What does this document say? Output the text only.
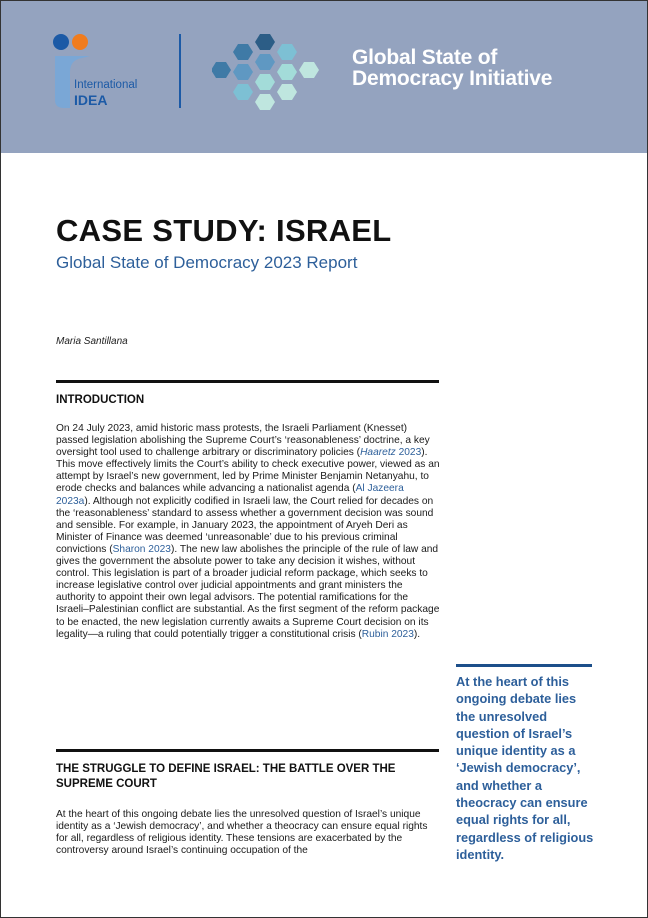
International
IDEA
Global State of
Democracy Initiative
CASE STUDY: ISRAEL
Global State of Democracy 2023 Report
Maria Santillana
INTRODUCTION

On 24 July 2023, amid historic mass protests, the Israeli Parliament (Knesset) passed legislation abolishing the Supreme Court’s ‘reasonableness’ doctrine, a key oversight tool used to challenge arbitrary or discriminatory policies (Haaretz 2023). This move effectively limits the Court’s ability to check executive power, viewed as an attempt by Israel’s new government, led by Prime Minister Benjamin Netanyahu, to erode checks and balances while advancing a nationalist agenda (Al Jazeera 2023a). Although not explicitly codified in Israeli law, the Court relied for decades on the ‘reasonableness’ standard to assess whether a government decision was sound and sensible. For example, in January 2023, the appointment of Aryeh Deri as Minister of Finance was deemed ‘unreasonable’ due to his previous criminal convictions (Sharon 2023). The new law abolishes the principle of the rule of law and gives the government the absolute power to take any decision it wishes, without control. This legislation is part of a broader judicial reform package, which seeks to increase legislative control over judicial appointments and grant ministers the authority to appoint their own legal advisors. The potential ramifications for the Israeli–Palestinian conflict are substantial. As the first segment of the reform package to be enacted, the new legislation currently awaits a Supreme Court decision on its legality—a ruling that could potentially trigger a constitutional crisis (Rubin 2023).

THE STRUGGLE TO DEFINE ISRAEL: THE BATTLE OVER THE SUPREME COURT

At the heart of this ongoing debate lies the unresolved question of Israel’s unique identity as a ‘Jewish democracy’, and whether a theocracy can ensure equal rights for all, regardless of religious identity. These tensions are exacerbated by the controversy around Israel’s continuing occupation of the

At the heart of this ongoing debate lies the unresolved question of Israel’s unique identity as a ‘Jewish democracy’, and whether a theocracy can ensure equal rights for all, regardless of religious identity.
